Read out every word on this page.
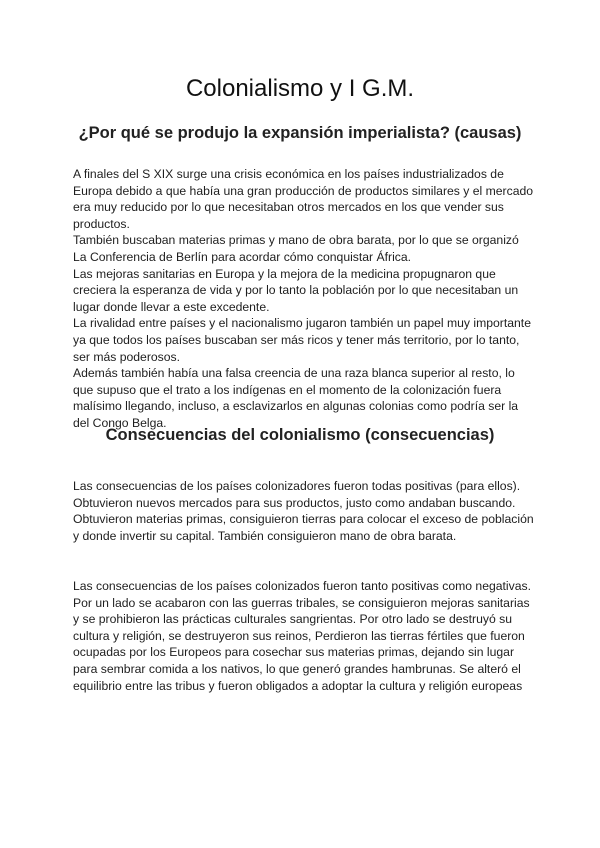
Colonialismo y I G.M.
¿Por qué se produjo la expansión imperialista? (causas)

A finales del S XIX surge una crisis económica en los países industrializados de Europa debido a que había una gran producción de productos similares y el mercado era muy reducido por lo que necesitaban otros mercados en los que vender sus productos.

También buscaban materias primas y mano de obra barata, por lo que se organizó La Conferencia de Berlín para acordar cómo conquistar África.

Las mejoras sanitarias en Europa y la mejora de la medicina propugnaron que creciera la esperanza de vida y por lo tanto la población por lo que necesitaban un lugar donde llevar a este excedente.

La rivalidad entre países y el nacionalismo jugaron también un papel muy importante ya que todos los países buscaban ser más ricos y tener más territorio, por lo tanto, ser más poderosos.

Además también había una falsa creencia de una raza blanca superior al resto, lo que supuso que el trato a los indígenas en el momento de la colonización fuera malísimo llegando, incluso, a esclavizarlos en algunas colonias como podría ser la del Congo Belga.

Consecuencias del colonialismo (consecuencias)

Las consecuencias de los países colonizadores fueron todas positivas (para ellos). Obtuvieron nuevos mercados para sus productos, justo como andaban buscando. Obtuvieron materias primas, consiguieron tierras para colocar el exceso de población y donde invertir su capital. También consiguieron mano de obra barata.

Las consecuencias de los países colonizados fueron tanto positivas como negativas. Por un lado se acabaron con las guerras tribales, se consiguieron mejoras sanitarias y se prohibieron las prácticas culturales sangrientas. Por otro lado se destruyó su cultura y religión, se destruyeron sus reinos, Perdieron las tierras fértiles que fueron ocupadas por los Europeos para cosechar sus materias primas, dejando sin lugar para sembrar comida a los nativos, lo que generó grandes hambrunas. Se alteró el equilibrio entre las tribus y fueron obligados a adoptar la cultura y religión europeas
